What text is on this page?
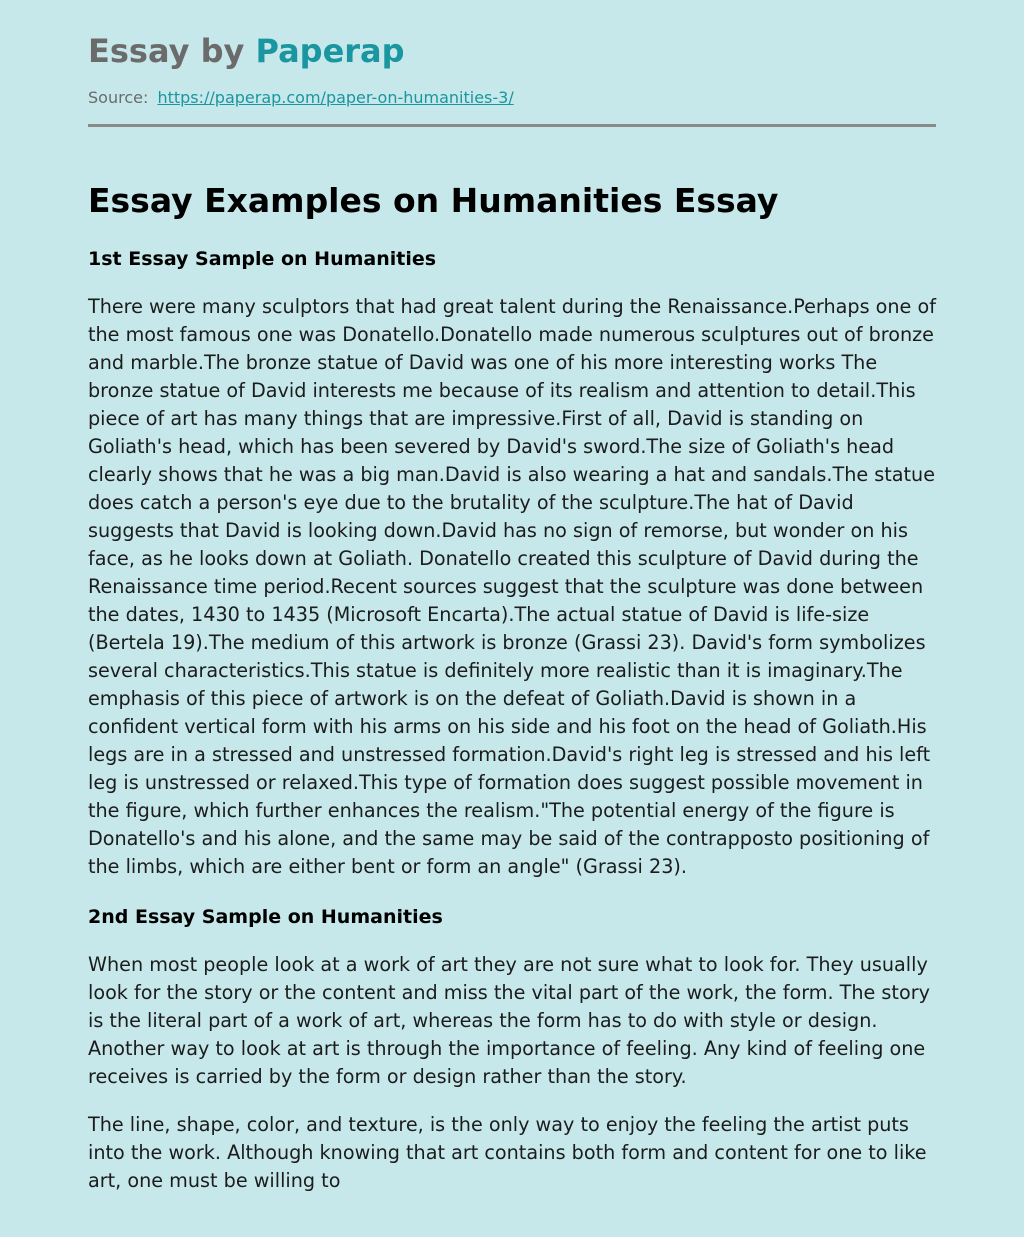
Essay by Paperap
Source: https://paperap.com/paper-on-humanities-3/
Essay Examples on Humanities Essay
1st Essay Sample on Humanities

There were many sculptors that had great talent during the Renaissance.Perhaps one of the most famous one was Donatello.Donatello made numerous sculptures out of bronze and marble.The bronze statue of David was one of his more interesting works The bronze statue of David interests me because of its realism and attention to detail.This piece of art has many things that are impressive.First of all, David is standing on Goliath's head, which has been severed by David's sword.The size of Goliath's head clearly shows that he was a big man.David is also wearing a hat and sandals.The statue does catch a person's eye due to the brutality of the sculpture.The hat of David suggests that David is looking down.David has no sign of remorse, but wonder on his face, as he looks down at Goliath. Donatello created this sculpture of David during the Renaissance time period.Recent sources suggest that the sculpture was done between the dates, 1430 to 1435 (Microsoft Encarta).The actual statue of David is life-size (Bertela 19).The medium of this artwork is bronze (Grassi 23). David's form symbolizes several characteristics.This statue is definitely more realistic than it is imaginary.The emphasis of this piece of artwork is on the defeat of Goliath.David is shown in a confident vertical form with his arms on his side and his foot on the head of Goliath.His legs are in a stressed and unstressed formation.David's right leg is stressed and his left leg is unstressed or relaxed.This type of formation does suggest possible movement in the figure, which further enhances the realism."The potential energy of the figure is Donatello's and his alone, and the same may be said of the contrapposto positioning of the limbs, which are either bent or form an angle" (Grassi 23).

2nd Essay Sample on Humanities

When most people look at a work of art they are not sure what to look for. They usually look for the story or the content and miss the vital part of the work, the form. The story is the literal part of a work of art, whereas the form has to do with style or design. Another way to look at art is through the importance of feeling. Any kind of feeling one receives is carried by the form or design rather than the story.

The line, shape, color, and texture, is the only way to enjoy the feeling the artist puts into the work. Although knowing that art contains both form and content for one to like art, one must be willing to
